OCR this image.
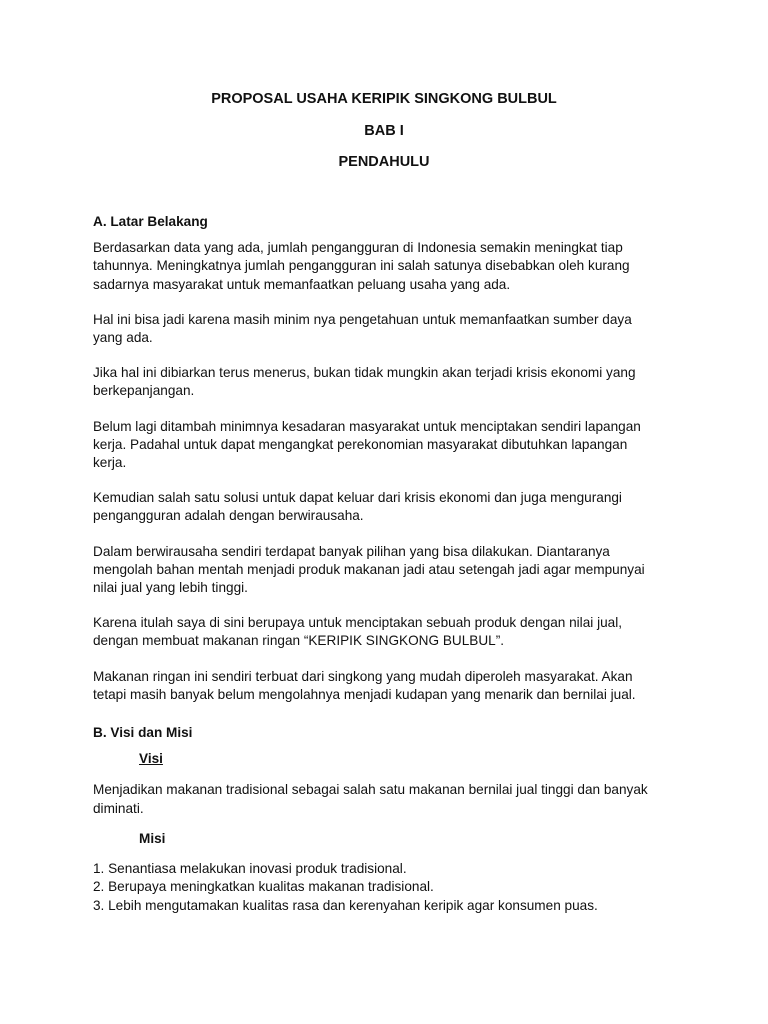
PROPOSAL USAHA KERIPIK SINGKONG BULBUL
BAB I
PENDAHULU
A. Latar Belakang

Berdasarkan data yang ada, jumlah pengangguran di Indonesia semakin meningkat tiap
tahunnya. Meningkatnya jumlah pengangguran ini salah satunya disebabkan oleh kurang
sadarnya masyarakat untuk memanfaatkan peluang usaha yang ada.

Hal ini bisa jadi karena masih minim nya pengetahuan untuk memanfaatkan sumber daya
yang ada.

Jika hal ini dibiarkan terus menerus, bukan tidak mungkin akan terjadi krisis ekonomi yang
berkepanjangan.

Belum lagi ditambah minimnya kesadaran masyarakat untuk menciptakan sendiri lapangan
kerja. Padahal untuk dapat mengangkat perekonomian masyarakat dibutuhkan lapangan
kerja.

Kemudian salah satu solusi untuk dapat keluar dari krisis ekonomi dan juga mengurangi
pengangguran adalah dengan berwirausaha.

Dalam berwirausaha sendiri terdapat banyak pilihan yang bisa dilakukan. Diantaranya
mengolah bahan mentah menjadi produk makanan jadi atau setengah jadi agar mempunyai
nilai jual yang lebih tinggi.

Karena itulah saya di sini berupaya untuk menciptakan sebuah produk dengan nilai jual,
dengan membuat makanan ringan “KERIPIK SINGKONG BULBUL”.

Makanan ringan ini sendiri terbuat dari singkong yang mudah diperoleh masyarakat. Akan
tetapi masih banyak belum mengolahnya menjadi kudapan yang menarik dan bernilai jual.

B. Visi dan Misi
Visi

Menjadikan makanan tradisional sebagai salah satu makanan bernilai jual tinggi dan banyak
diminati.

Misi
1. Senantiasa melakukan inovasi produk tradisional.
2. Berupaya meningkatkan kualitas makanan tradisional.
3. Lebih mengutamakan kualitas rasa dan kerenyahan keripik agar konsumen puas.
